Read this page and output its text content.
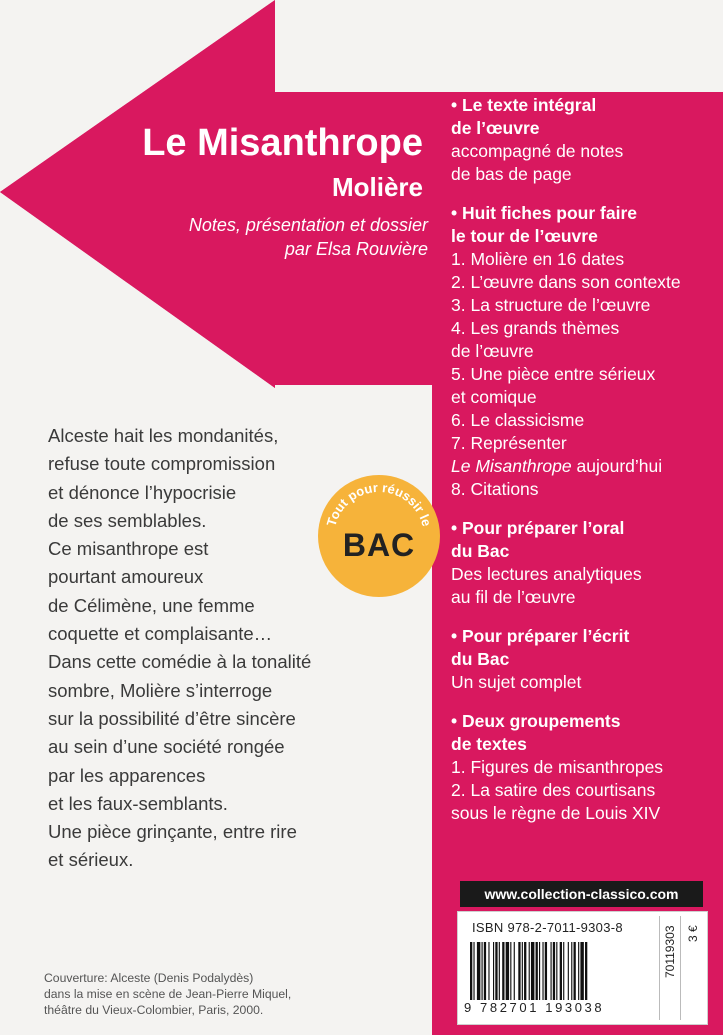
Le Misanthrope
Molière
Notes, présentation et dossier
par Elsa Rouvière
• Le texte intégral
de l’œuvre
accompagné de notes
de bas de page
• Huit fiches pour faire
le tour de l’œuvre
1. Molière en 16 dates
2. L’œuvre dans son contexte
3. La structure de l’œuvre
4. Les grands thèmes
de l’œuvre
5. Une pièce entre sérieux
et comique
6. Le classicisme
7. Représenter
Le Misanthrope aujourd’hui
8. Citations
• Pour préparer l’oral
du Bac
Des lectures analytiques
au fil de l’œuvre
• Pour préparer l’écrit
du Bac
Un sujet complet
• Deux groupements
de textes
1. Figures de misanthropes
2. La satire des courtisans
sous le règne de Louis XIV
Alceste hait les mondanités,
refuse toute compromission
et dénonce l’hypocrisie
de ses semblables.
Ce misanthrope est
pourtant amoureux
de Célimène, une femme
coquette et complaisante…
Dans cette comédie à la tonalité
sombre, Molière s’interroge
sur la possibilité d’être sincère
au sein d’une société rongée
par les apparences
et les faux-semblants.
Une pièce grinçante, entre rire
et sérieux.
Tout pour réussir le
BAC
Couverture: Alceste (Denis Podalydès)
dans la mise en scène de Jean-Pierre Miquel,
théâtre du Vieux-Colombier, Paris, 2000.
www.collection-classico.com
ISBN 978-2-7011-9303-8
9 782701 193038
70119303 3 €
